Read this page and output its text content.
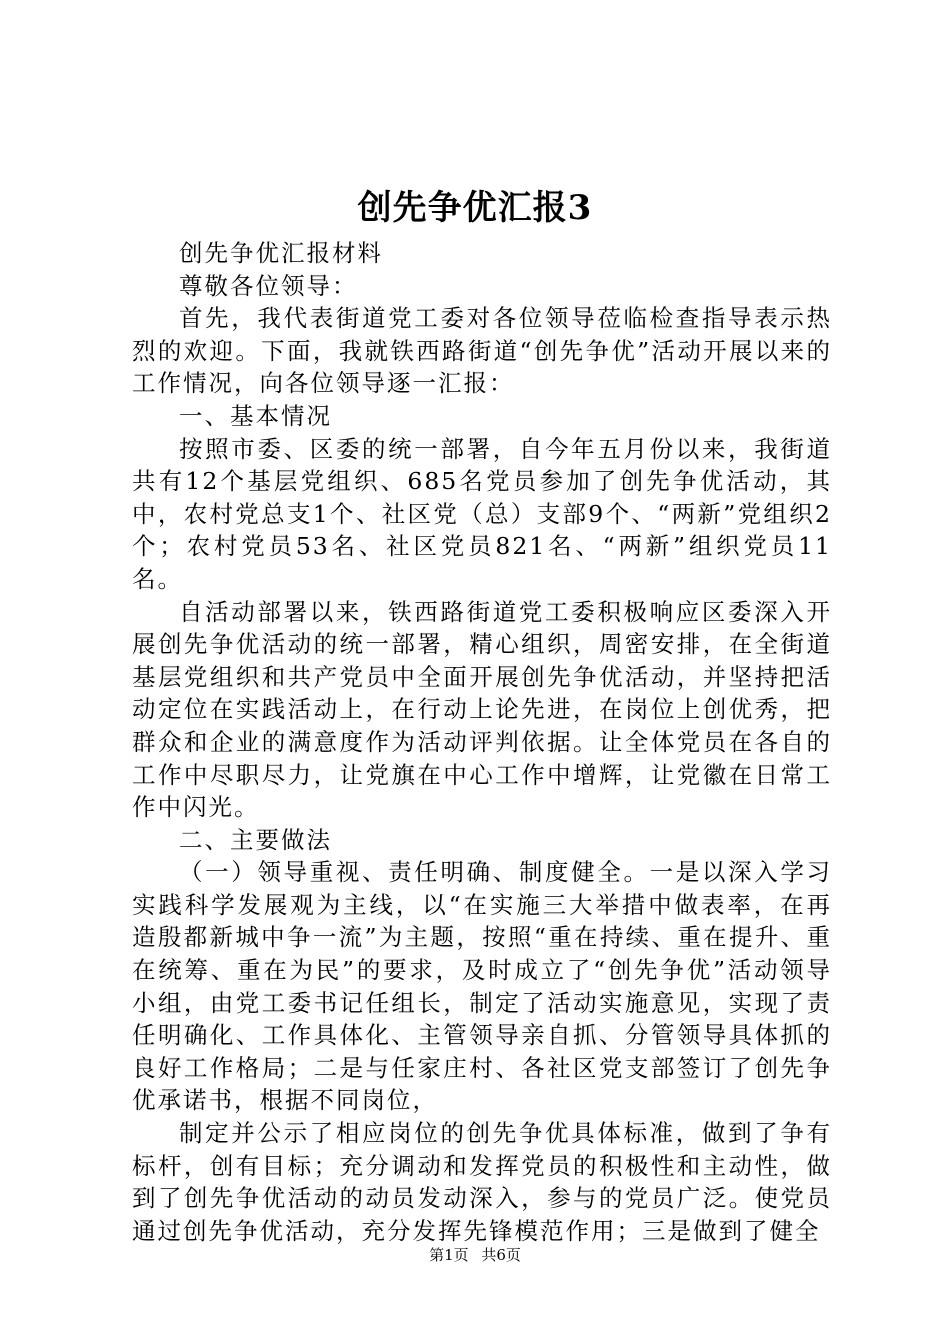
创先争优汇报3

创先争优汇报材料

尊敬各位领导：

首先，我代表街道党工委对各位领导莅临检查指导表示热烈的欢迎。下面，我就铁西路街道“创先争优”活动开展以来的工作情况，向各位领导逐一汇报：

一、基本情况

按照市委、区委的统一部署，自今年五月份以来，我街道共有12个基层党组织、685名党员参加了创先争优活动，其中，农村党总支1个、社区党（总）支部9个、“两新”党组织2个；农村党员53名、社区党员821名、“两新”组织党员11名。

自活动部署以来，铁西路街道党工委积极响应区委深入开展创先争优活动的统一部署，精心组织，周密安排，在全街道基层党组织和共产党员中全面开展创先争优活动，并坚持把活动定位在实践活动上，在行动上论先进，在岗位上创优秀，把群众和企业的满意度作为活动评判依据。让全体党员在各自的工作中尽职尽力，让党旗在中心工作中增辉，让党徽在日常工作中闪光。

二、主要做法

（一）领导重视、责任明确、制度健全。一是以深入学习实践科学发展观为主线，以“在实施三大举措中做表率，在再造殷都新城中争一流”为主题，按照“重在持续、重在提升、重在统筹、重在为民”的要求，及时成立了“创先争优”活动领导小组，由党工委书记任组长，制定了活动实施意见，实现了责任明确化、工作具体化、主管领导亲自抓、分管领导具体抓的良好工作格局；二是与任家庄村、各社区党支部签订了创先争优承诺书，根据不同岗位，

制定并公示了相应岗位的创先争优具体标准，做到了争有标杆，创有目标；充分调动和发挥党员的积极性和主动性，做到了创先争优活动的动员发动深入，参与的党员广泛。使党员通过创先争优活动，充分发挥先锋模范作用；三是做到了健全

第1页 共6页
